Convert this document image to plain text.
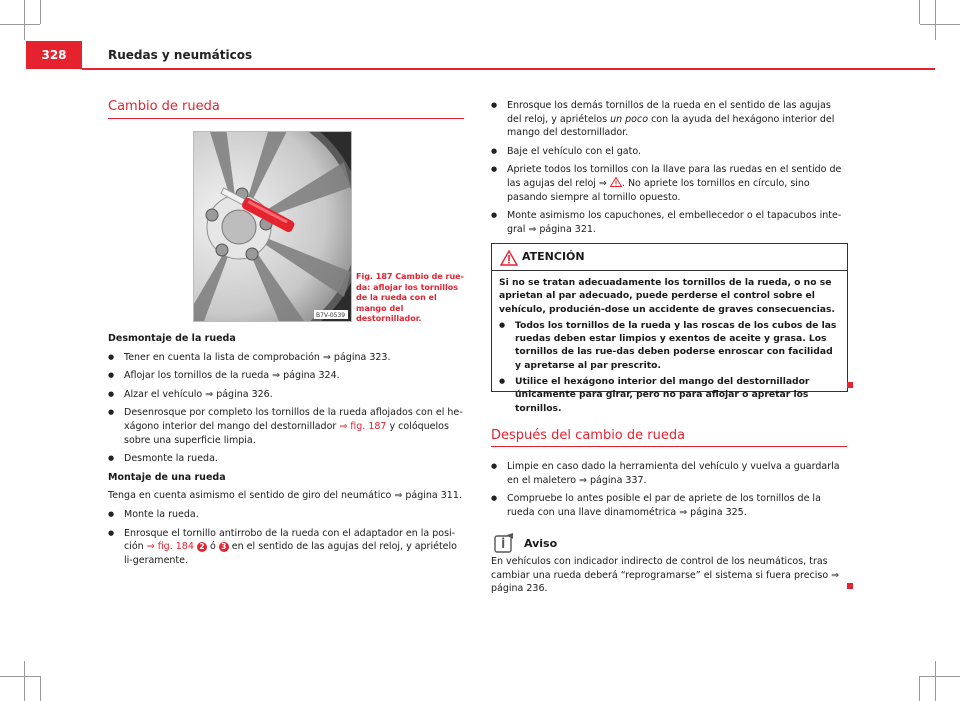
328	Ruedas y neumáticos
Cambio de rueda
B7V-0539
Fig. 187 Cambio de rue-da: aflojar los tornillos de la rueda con el mango del destornillador.

Desmontaje de la rueda

● Tener en cuenta la lista de comprobación ⇒ página 323.

● Aflojar los tornillos de la rueda ⇒ página 324.

● Alzar el vehículo ⇒ página 326.

● Desenrosque por completo los tornillos de la rueda aflojados con el he-xágono interior del mango del destornillador ⇒ fig. 187 y colóquelos sobre una superficie limpia.

● Desmonte la rueda.

Montaje de una rueda

Tenga en cuenta asimismo el sentido de giro del neumático ⇒ página 311.

● Monte la rueda.

● Enrosque el tornillo antirrobo de la rueda con el adaptador en la posi-ción ⇒ fig. 184 2 ó 3 en el sentido de las agujas del reloj, y apriételo li-geramente.

● Enrosque los demás tornillos de la rueda en el sentido de las agujas del reloj, y apriételos un poco con la ayuda del hexágono interior del mango del destornillador.

● Baje el vehículo con el gato.

● Apriete todos los tornillos con la llave para las ruedas en el sentido de las agujas del reloj ⇒ . No apriete los tornillos en círculo, sino pasando siempre al tornillo opuesto.

● Monte asimismo los capuchones, el embellecedor o el tapacubos inte-gral ⇒ página 321.

ATENCIÓN

Si no se tratan adecuadamente los tornillos de la rueda, o no se aprietan al par adecuado, puede perderse el control sobre el vehículo, producién-dose un accidente de graves consecuencias.

● Todos los tornillos de la rueda y las roscas de los cubos de las ruedas deben estar limpios y exentos de aceite y grasa. Los tornillos de las rue-das deben poderse enroscar con facilidad y apretarse al par prescrito.

● Utilice el hexágono interior del mango del destornillador únicamente para girar, pero no para aflojar o apretar los tornillos.

Después del cambio de rueda

● Limpie en caso dado la herramienta del vehículo y vuelva a guardarla en el maletero ⇒ página 337.

● Compruebe lo antes posible el par de apriete de los tornillos de la rueda con una llave dinamométrica ⇒ página 325.

Aviso

En vehículos con indicador indirecto de control de los neumáticos, tras cambiar una rueda deberá “reprogramarse” el sistema si fuera preciso ⇒ página 236.
